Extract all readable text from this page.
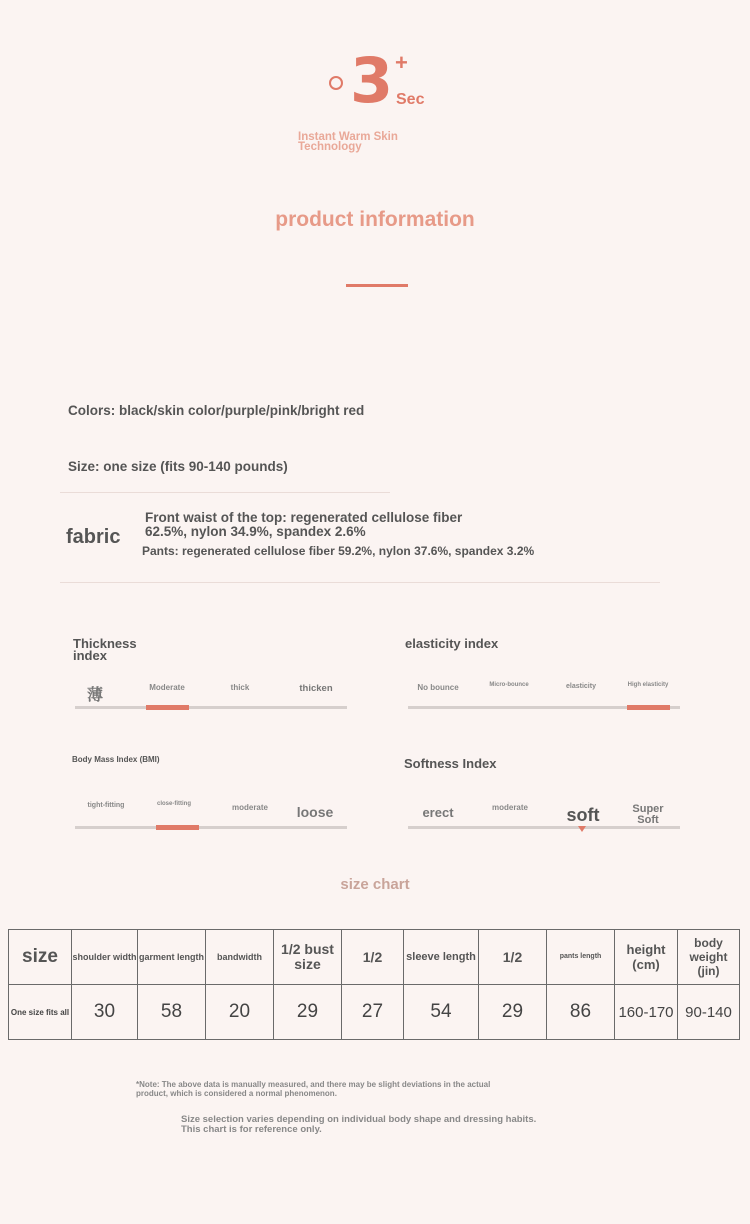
3 +
Sec
Instant Warm Skin Technology
product information
Colors: black/skin color/purple/pink/bright red
Size: one size (fits 90-140 pounds)
fabric
Front waist of the top: regenerated cellulose fiber 62.5%, nylon 34.9%, spandex 2.6%
Pants: regenerated cellulose fiber 59.2%, nylon 37.6%, spandex 3.2%
Thickness index
薄	Moderate	thick	thicken
elasticity index
No bounce	Micro-bounce	elasticity	High elasticity
Body Mass Index (BMI)
tight-fitting	close-fitting	moderate	loose
Softness Index
erect	moderate	soft	Super Soft
size chart
size	shoulder width	garment length	bandwidth	1/2 bust size	1/2	sleeve length	1/2	pants length	height (cm)	body weight (jin)
One size fits all	30	58	20	29	27	54	29	86	160-170	90-140
*Note: The above data is manually measured, and there may be slight deviations in the actual product, which is considered a normal phenomenon.
Size selection varies depending on individual body shape and dressing habits. This chart is for reference only.
